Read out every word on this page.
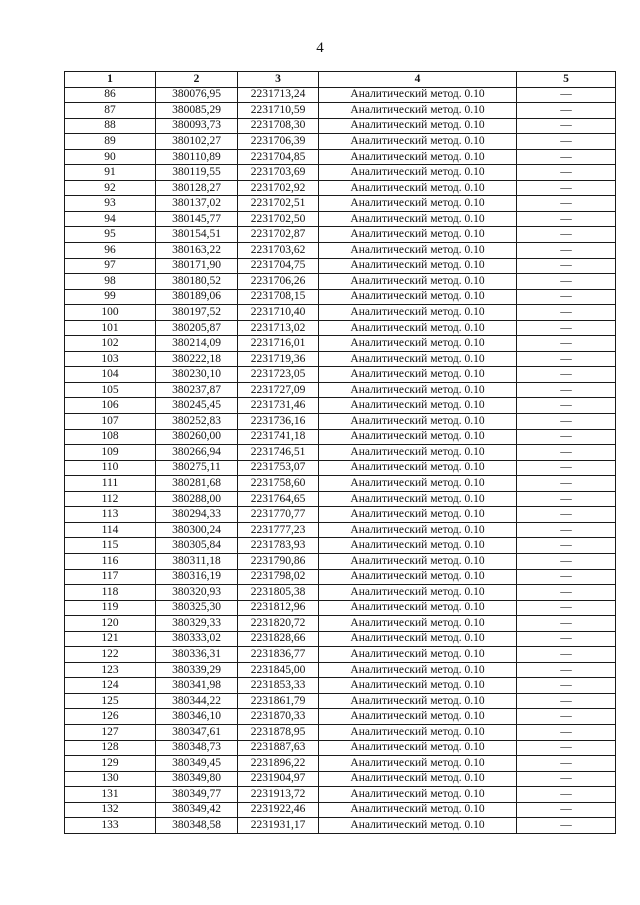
4
1	2	3	4	5
86	380076,95	2231713,24	Аналитический метод. 0.10	—
87	380085,29	2231710,59	Аналитический метод. 0.10	—
88	380093,73	2231708,30	Аналитический метод. 0.10	—
89	380102,27	2231706,39	Аналитический метод. 0.10	—
90	380110,89	2231704,85	Аналитический метод. 0.10	—
91	380119,55	2231703,69	Аналитический метод. 0.10	—
92	380128,27	2231702,92	Аналитический метод. 0.10	—
93	380137,02	2231702,51	Аналитический метод. 0.10	—
94	380145,77	2231702,50	Аналитический метод. 0.10	—
95	380154,51	2231702,87	Аналитический метод. 0.10	—
96	380163,22	2231703,62	Аналитический метод. 0.10	—
97	380171,90	2231704,75	Аналитический метод. 0.10	—
98	380180,52	2231706,26	Аналитический метод. 0.10	—
99	380189,06	2231708,15	Аналитический метод. 0.10	—
100	380197,52	2231710,40	Аналитический метод. 0.10	—
101	380205,87	2231713,02	Аналитический метод. 0.10	—
102	380214,09	2231716,01	Аналитический метод. 0.10	—
103	380222,18	2231719,36	Аналитический метод. 0.10	—
104	380230,10	2231723,05	Аналитический метод. 0.10	—
105	380237,87	2231727,09	Аналитический метод. 0.10	—
106	380245,45	2231731,46	Аналитический метод. 0.10	—
107	380252,83	2231736,16	Аналитический метод. 0.10	—
108	380260,00	2231741,18	Аналитический метод. 0.10	—
109	380266,94	2231746,51	Аналитический метод. 0.10	—
110	380275,11	2231753,07	Аналитический метод. 0.10	—
111	380281,68	2231758,60	Аналитический метод. 0.10	—
112	380288,00	2231764,65	Аналитический метод. 0.10	—
113	380294,33	2231770,77	Аналитический метод. 0.10	—
114	380300,24	2231777,23	Аналитический метод. 0.10	—
115	380305,84	2231783,93	Аналитический метод. 0.10	—
116	380311,18	2231790,86	Аналитический метод. 0.10	—
117	380316,19	2231798,02	Аналитический метод. 0.10	—
118	380320,93	2231805,38	Аналитический метод. 0.10	—
119	380325,30	2231812,96	Аналитический метод. 0.10	—
120	380329,33	2231820,72	Аналитический метод. 0.10	—
121	380333,02	2231828,66	Аналитический метод. 0.10	—
122	380336,31	2231836,77	Аналитический метод. 0.10	—
123	380339,29	2231845,00	Аналитический метод. 0.10	—
124	380341,98	2231853,33	Аналитический метод. 0.10	—
125	380344,22	2231861,79	Аналитический метод. 0.10	—
126	380346,10	2231870,33	Аналитический метод. 0.10	—
127	380347,61	2231878,95	Аналитический метод. 0.10	—
128	380348,73	2231887,63	Аналитический метод. 0.10	—
129	380349,45	2231896,22	Аналитический метод. 0.10	—
130	380349,80	2231904,97	Аналитический метод. 0.10	—
131	380349,77	2231913,72	Аналитический метод. 0.10	—
132	380349,42	2231922,46	Аналитический метод. 0.10	—
133	380348,58	2231931,17	Аналитический метод. 0.10	—
